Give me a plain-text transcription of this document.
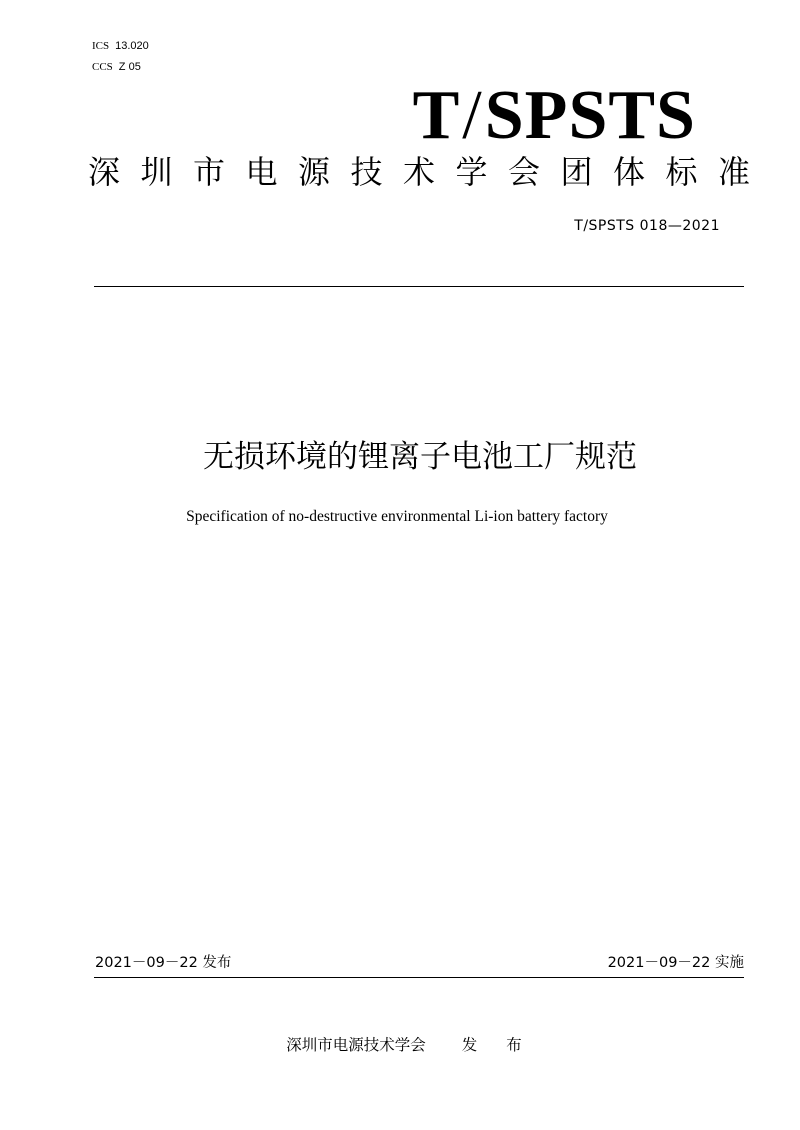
ICS 13.020
CCS Z 05
T/SPSTS
深圳市电源技术学会团体标准
T/SPSTS 018—2021
无损环境的锂离子电池工厂规范
Specification of no-destructive environmental Li-ion battery factory
2021－09－22 发布	2021－09－22 实施
深圳市电源技术学会 发 布
